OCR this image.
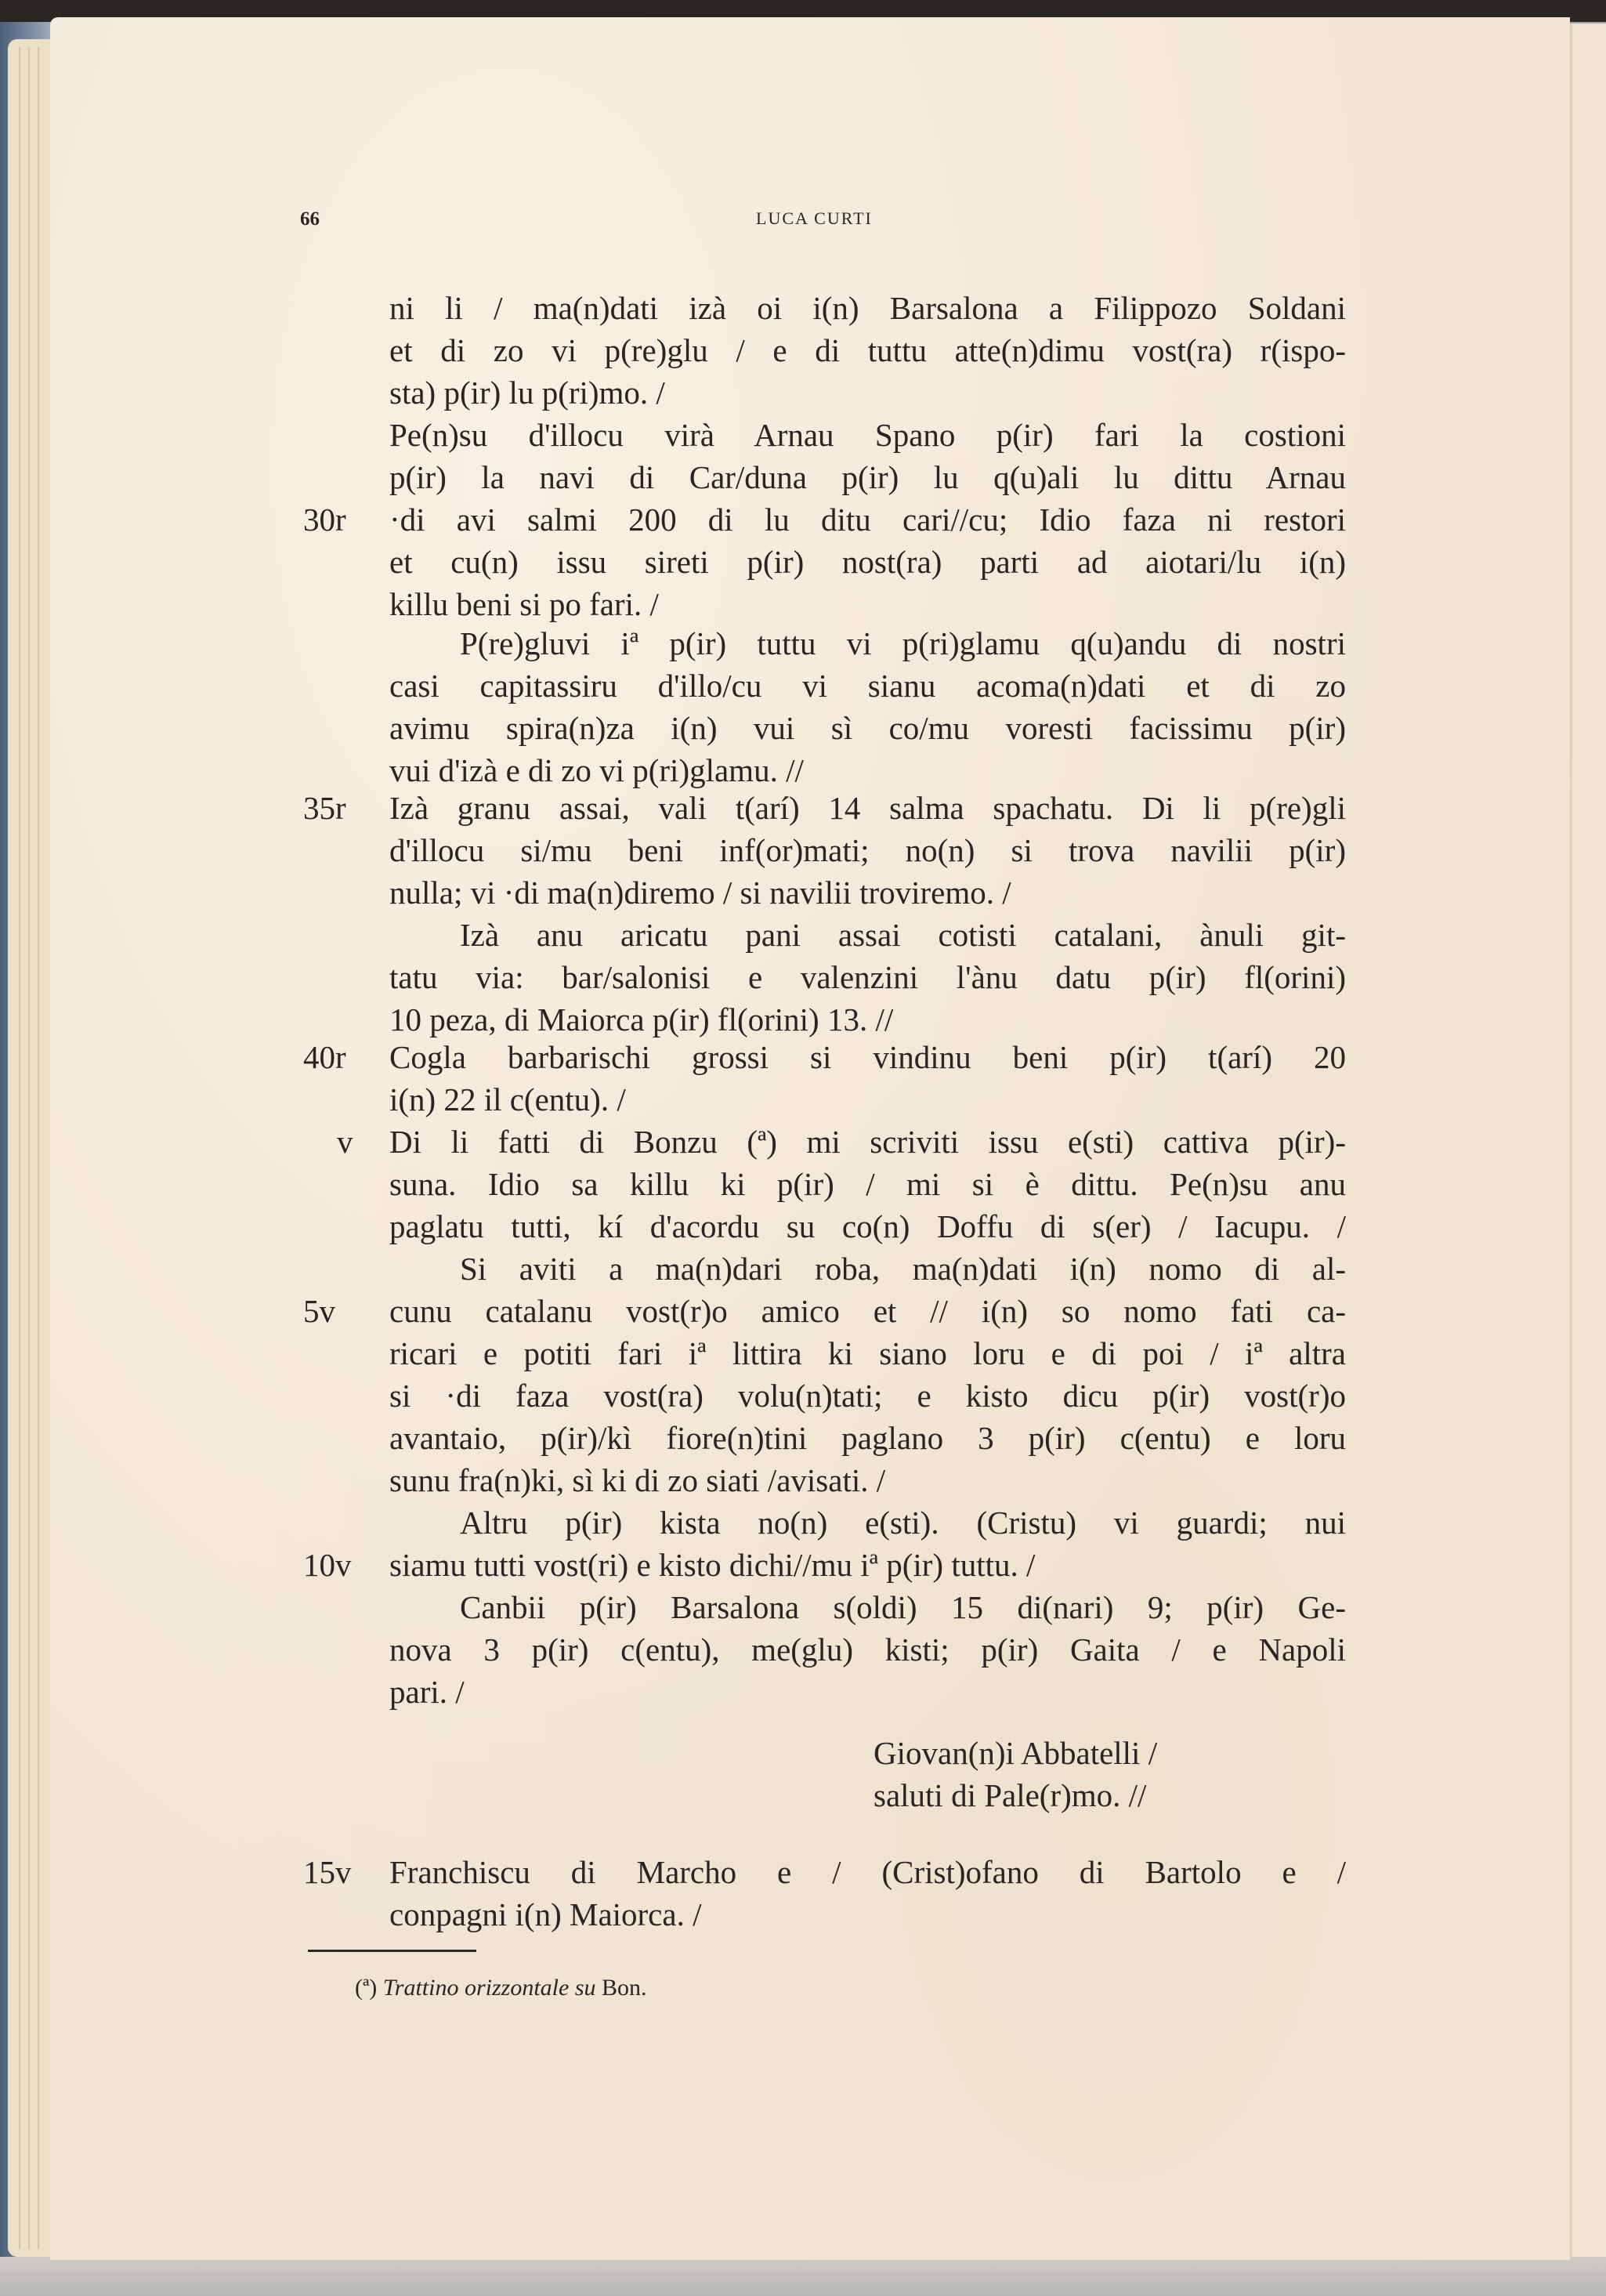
66	LUCA CURTI
ni li / ma(n)dati izà oi i(n) Barsalona a Filippozo Soldani
et di zo vi p(re)glu / e di tuttu atte(n)dimu vost(ra) r(ispo-
sta) p(ir) lu p(ri)mo. /
Pe(n)su d'illocu virà Arnau Spano p(ir) fari la costioni
p(ir) la navi di Car/duna p(ir) lu q(u)ali lu dittu Arnau
·di avi salmi 200 di lu ditu cari//cu; Idio faza ni restori
30r
et cu(n) issu sireti p(ir) nost(ra) parti ad aiotari/lu i(n)
killu beni si po fari. /
P(re)gluvi iª p(ir) tuttu vi p(ri)glamu q(u)andu di nostri
casi capitassiru d'illo/cu vi sianu acoma(n)dati et di zo
avimu spira(n)za i(n) vui sì co/mu voresti facissimu p(ir)
vui d'izà e di zo vi p(ri)glamu. //
Izà granu assai, vali t(arí) 14 salma spachatu. Di li p(re)gli
35r
d'illocu si/mu beni inf(or)mati; no(n) si trova navilii p(ir)
nulla; vi ·di ma(n)diremo / si navilii troviremo. /
Izà anu aricatu pani assai cotisti catalani, ànuli git-
tatu via: bar/salonisi e valenzini l'ànu datu p(ir) fl(orini)
10 peza, di Maiorca p(ir) fl(orini) 13. //
Cogla barbarischi grossi si vindinu beni p(ir) t(arí) 20
40r
i(n) 22 il c(entu). /
Di li fatti di Bonzu (ª) mi scriviti issu e(sti) cattiva p(ir)-
v
suna. Idio sa killu ki p(ir) / mi si è dittu. Pe(n)su anu
paglatu tutti, kí d'acordu su co(n) Doffu di s(er) / Iacupu. /
Si aviti a ma(n)dari roba, ma(n)dati i(n) nomo di al-
cunu catalanu vost(r)o amico et // i(n) so nomo fati ca-
5v
ricari e potiti fari iª littira ki siano loru e di poi / iª altra
si ·di faza vost(ra) volu(n)tati; e kisto dicu p(ir) vost(r)o
avantaio, p(ir)/kì fiore(n)tini paglano 3 p(ir) c(entu) e loru
sunu fra(n)ki, sì ki di zo siati /avisati. /
Altru p(ir) kista no(n) e(sti). (Cristu) vi guardi; nui
siamu tutti vost(ri) e kisto dichi//mu iª p(ir) tuttu. /
10v
Canbii p(ir) Barsalona s(oldi) 15 di(nari) 9; p(ir) Ge-
nova 3 p(ir) c(entu), me(glu) kisti; p(ir) Gaita / e Napoli
pari. /
Giovan(n)i Abbatelli /
saluti di Pale(r)mo. //
Franchiscu di Marcho e / (Crist)ofano di Bartolo e /
15v
conpagni i(n) Maiorca. /
(ª) Trattino orizzontale su Bon.
